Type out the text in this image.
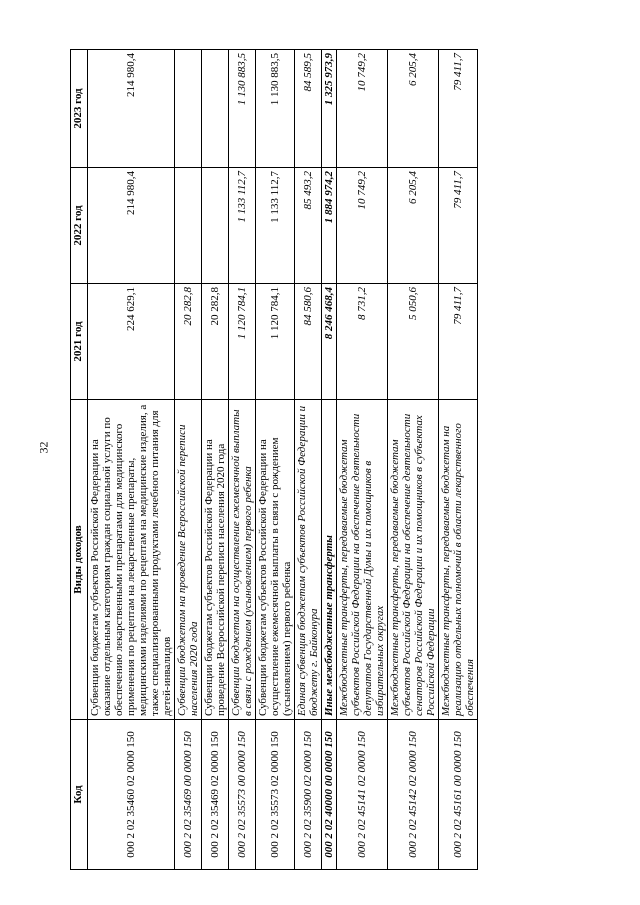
32
Код	Виды доходов	2021 год	2022 год	2023 год
000 2 02 35460 02 0000 150	Субвенции бюджетам субъектов Российской Федерации на оказание отдельным категориям граждан социальной услуги по обеспечению лекарственными препаратами для медицинского применения по рецептам на лекарственные препараты, медицинскими изделиями по рецептам на медицинские изделия, а также специализированными продуктами лечебного питания для детей-инвалидов	224 629,1	214 980,4	214 980,4
000 2 02 35469 00 0000 150	Субвенции бюджетам на проведение Всероссийской переписи населения 2020 года	20 282,8		
000 2 02 35469 02 0000 150	Субвенции бюджетам субъектов Российской Федерации на проведение Всероссийской переписи населения 2020 года	20 282,8		
000 2 02 35573 00 0000 150	Субвенции бюджетам на осуществление ежемесячной выплаты в связи с рождением (усыновлением) первого ребенка	1 120 784,1	1 133 112,7	1 130 883,5
000 2 02 35573 02 0000 150	Субвенции бюджетам субъектов Российской Федерации на осуществление ежемесячной выплаты в связи с рождением (усыновлением) первого ребенка	1 120 784,1	1 133 112,7	1 130 883,5
000 2 02 35900 02 0000 150	Единая субвенция бюджетам субъектов Российской Федерации и бюджету г. Байконура	84 580,6	85 493,2	84 589,5
000 2 02 40000 00 0000 150	Иные межбюджетные трансферты	8 246 468,4	1 884 974,2	1 325 973,9
000 2 02 45141 02 0000 150	Межбюджетные трансферты, передаваемые бюджетам субъектов Российской Федерации на обеспечение деятельности депутатов Государственной Думы и их помощников в избирательных округах	8 731,2	10 749,2	10 749,2
000 2 02 45142 02 0000 150	Межбюджетные трансферты, передаваемые бюджетам субъектов Российской Федерации на обеспечение деятельности сенаторов Российской Федерации и их помощников в субъектах Российской Федерации	5 050,6	6 205,4	6 205,4
000 2 02 45161 00 0000 150	Межбюджетные трансферты, передаваемые бюджетам на реализацию отдельных полномочий в области лекарственного обеспечения	79 411,7	79 411,7	79 411,7
